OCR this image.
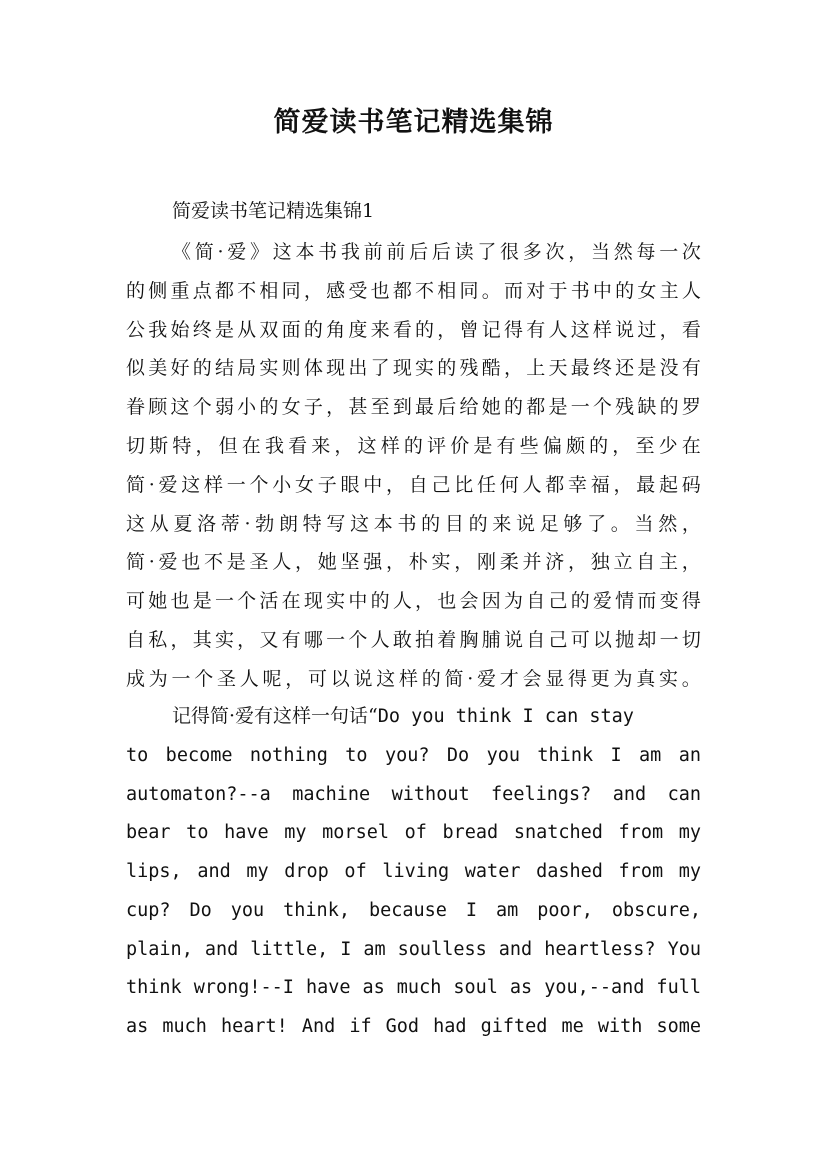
简爱读书笔记精选集锦
简爱读书笔记精选集锦1
《 简 · 爱 》 这 本 书 我 前 前 后 后 读 了 很 多 次 ， 当 然 每 一 次
的 侧 重 点 都 不 相 同 ， 感 受 也 都 不 相 同 。 而 对 于 书 中 的 女 主 人
公 我 始 终 是 从 双 面 的 角 度 来 看 的 ， 曾 记 得 有 人 这 样 说 过 ， 看
似 美 好 的 结 局 实 则 体 现 出 了 现 实 的 残 酷 ， 上 天 最 终 还 是 没 有
眷 顾 这 个 弱 小 的 女 子 ， 甚 至 到 最 后 给 她 的 都 是 一 个 残 缺 的 罗
切 斯 特 ， 但 在 我 看 来 ， 这 样 的 评 价 是 有 些 偏 颇 的 ， 至 少 在
简 · 爱 这 样 一 个 小 女 子 眼 中 ， 自 己 比 任 何 人 都 幸 福 ， 最 起 码
这 从 夏 洛 蒂 · 勃 朗 特 写 这 本 书 的 目 的 来 说 足 够 了 。 当 然 ，
简 · 爱 也 不 是 圣 人 ， 她 坚 强 ， 朴 实 ， 刚 柔 并 济 ， 独 立 自 主 ，
可 她 也 是 一 个 活 在 现 实 中 的 人 ， 也 会 因 为 自 己 的 爱 情 而 变 得
自 私 ， 其 实 ， 又 有 哪 一 个 人 敢 拍 着 胸 脯 说 自 己 可 以 抛 却 一 切
成 为 一 个 圣 人 呢 ， 可 以 说 这 样 的 简 · 爱 才 会 显 得 更 为 真 实 。
记得简·爱有这样一句话“Do you think I can stay
to become nothing to you? Do you think I am an
automaton?--a machine without feelings? and can
bear to have my morsel of bread snatched from my
lips, and my drop of living water dashed from my
cup? Do you think, because I am poor, obscure,
plain, and little, I am soulless and heartless? You
think wrong!--I have as much soul as you,--and full
as much heart! And if God had gifted me with some
